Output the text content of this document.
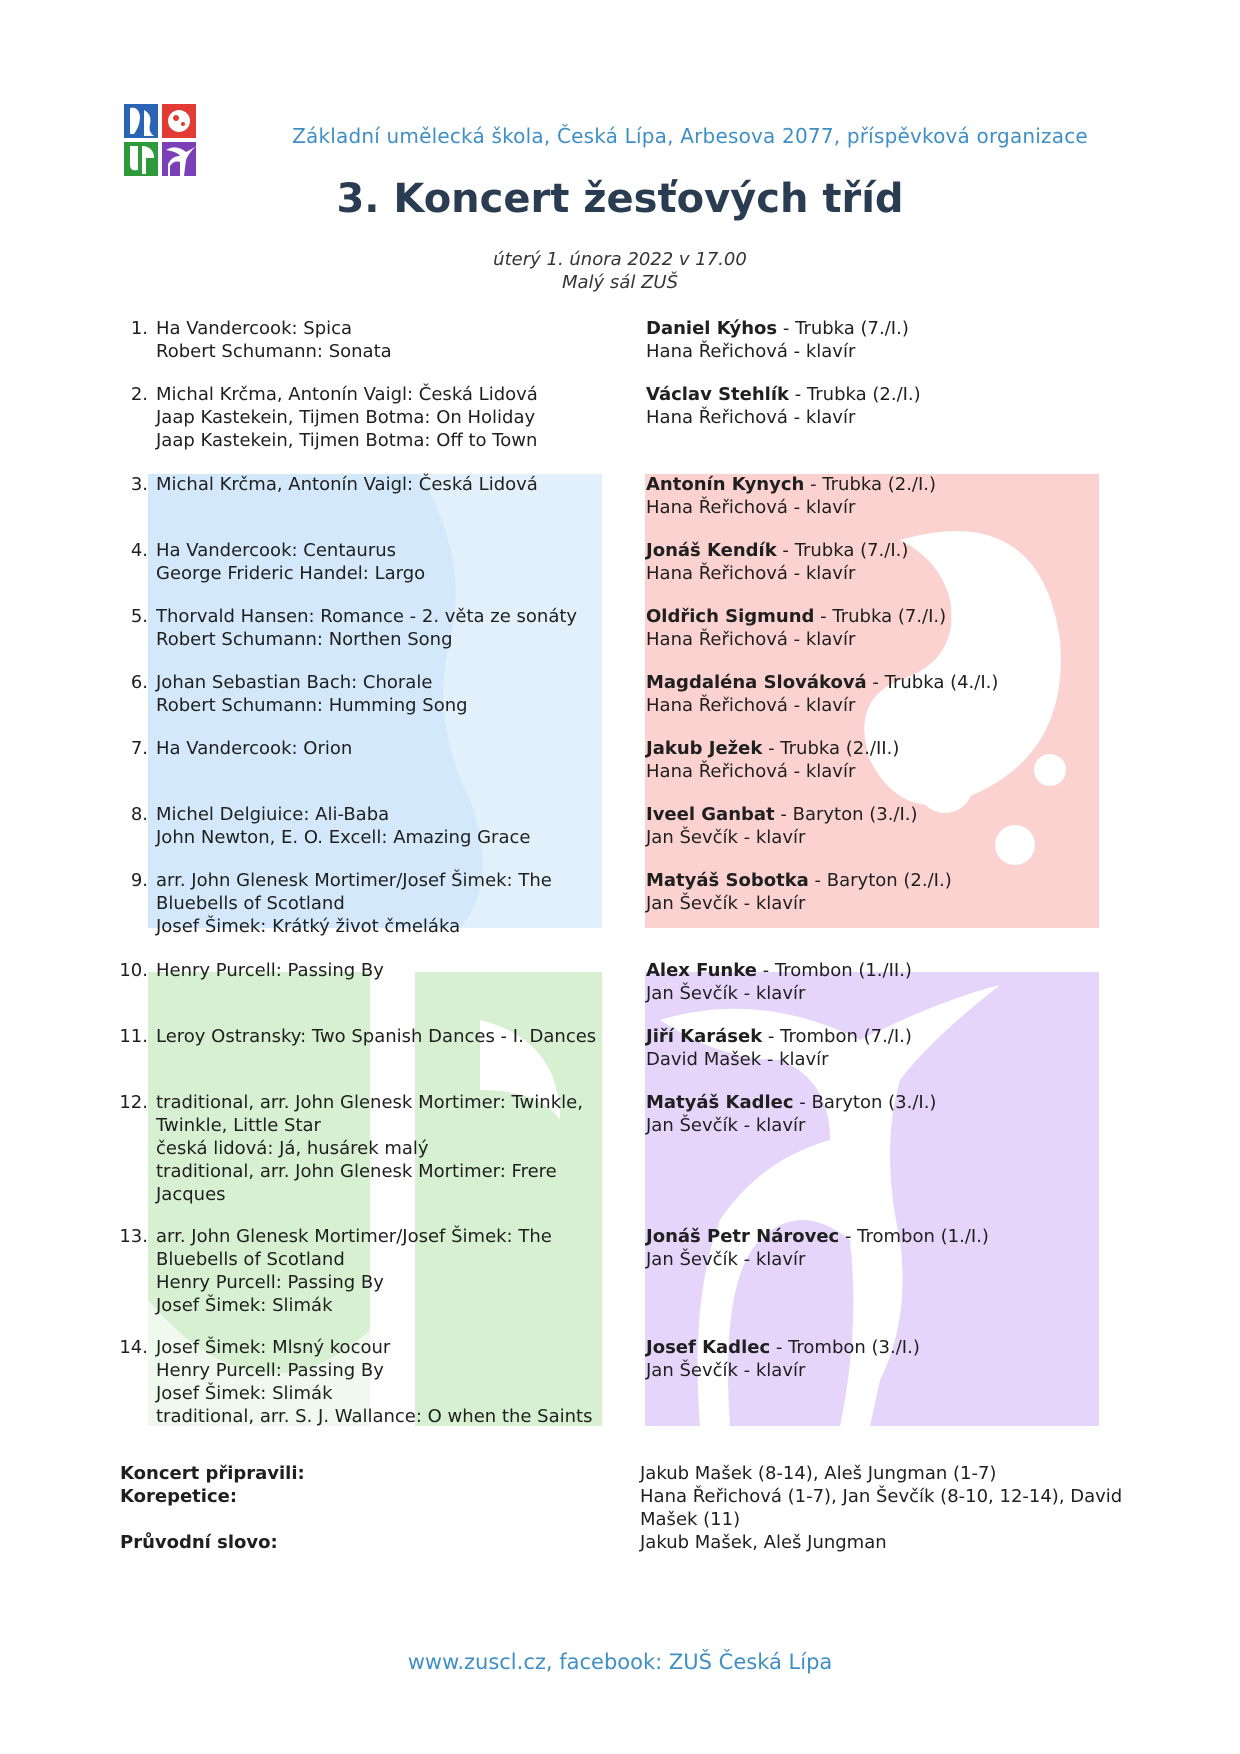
Základní umělecká škola, Česká Lípa, Arbesova 2077, příspěvková organizace
3. Koncert žesťových tříd
úterý 1. února 2022 v 17.00
Malý sál ZUŠ
1. Ha Vandercook: Spica
Robert Schumann: Sonata
Daniel Kýhos - Trubka (7./I.)
Hana Řeřichová - klavír
2. Michal Krčma, Antonín Vaigl: Česká Lidová
Jaap Kastekein, Tijmen Botma: On Holiday
Jaap Kastekein, Tijmen Botma: Off to Town
Václav Stehlík - Trubka (2./I.)
Hana Řeřichová - klavír
3. Michal Krčma, Antonín Vaigl: Česká Lidová	Antonín Kynych - Trubka (2./I.)
Hana Řeřichová - klavír
4. Ha Vandercook: Centaurus
George Frideric Handel: Largo
Jonáš Kendík - Trubka (7./I.)
Hana Řeřichová - klavír
5. Thorvald Hansen: Romance - 2. věta ze sonáty
Robert Schumann: Northen Song
Oldřich Sigmund - Trubka (7./I.)
Hana Řeřichová - klavír
6. Johan Sebastian Bach: Chorale
Robert Schumann: Humming Song
Magdaléna Slováková - Trubka (4./I.)
Hana Řeřichová - klavír
7. Ha Vandercook: Orion	Jakub Ježek - Trubka (2./II.)
Hana Řeřichová - klavír
8. Michel Delgiuice: Ali-Baba
John Newton, E. O. Excell: Amazing Grace
Iveel Ganbat - Baryton (3./I.)
Jan Ševčík - klavír
9. arr. John Glenesk Mortimer/Josef Šimek: The
Bluebells of Scotland
Josef Šimek: Krátký život čmeláka
Matyáš Sobotka - Baryton (2./I.)
Jan Ševčík - klavír
10. Henry Purcell: Passing By	Alex Funke - Trombon (1./II.)
Jan Ševčík - klavír
11. Leroy Ostransky: Two Spanish Dances - I. Dances	Jiří Karásek - Trombon (7./I.)
David Mašek - klavír
12. traditional, arr. John Glenesk Mortimer: Twinkle,
Twinkle, Little Star
česká lidová: Já, husárek malý
traditional, arr. John Glenesk Mortimer: Frere
Jacques
Matyáš Kadlec - Baryton (3./I.)
Jan Ševčík - klavír
13. arr. John Glenesk Mortimer/Josef Šimek: The
Bluebells of Scotland
Henry Purcell: Passing By
Josef Šimek: Slimák
Jonáš Petr Nárovec - Trombon (1./I.)
Jan Ševčík - klavír
14. Josef Šimek: Mlsný kocour
Henry Purcell: Passing By
Josef Šimek: Slimák
traditional, arr. S. J. Wallance: O when the Saints
Josef Kadlec - Trombon (3./I.)
Jan Ševčík - klavír
Koncert připravili:	Jakub Mašek (8-14), Aleš Jungman (1-7)
Korepetice:	Hana Řeřichová (1-7), Jan Ševčík (8-10, 12-14), David
Mašek (11)
Průvodní slovo:	Jakub Mašek, Aleš Jungman
www.zuscl.cz, facebook: ZUŠ Česká Lípa
